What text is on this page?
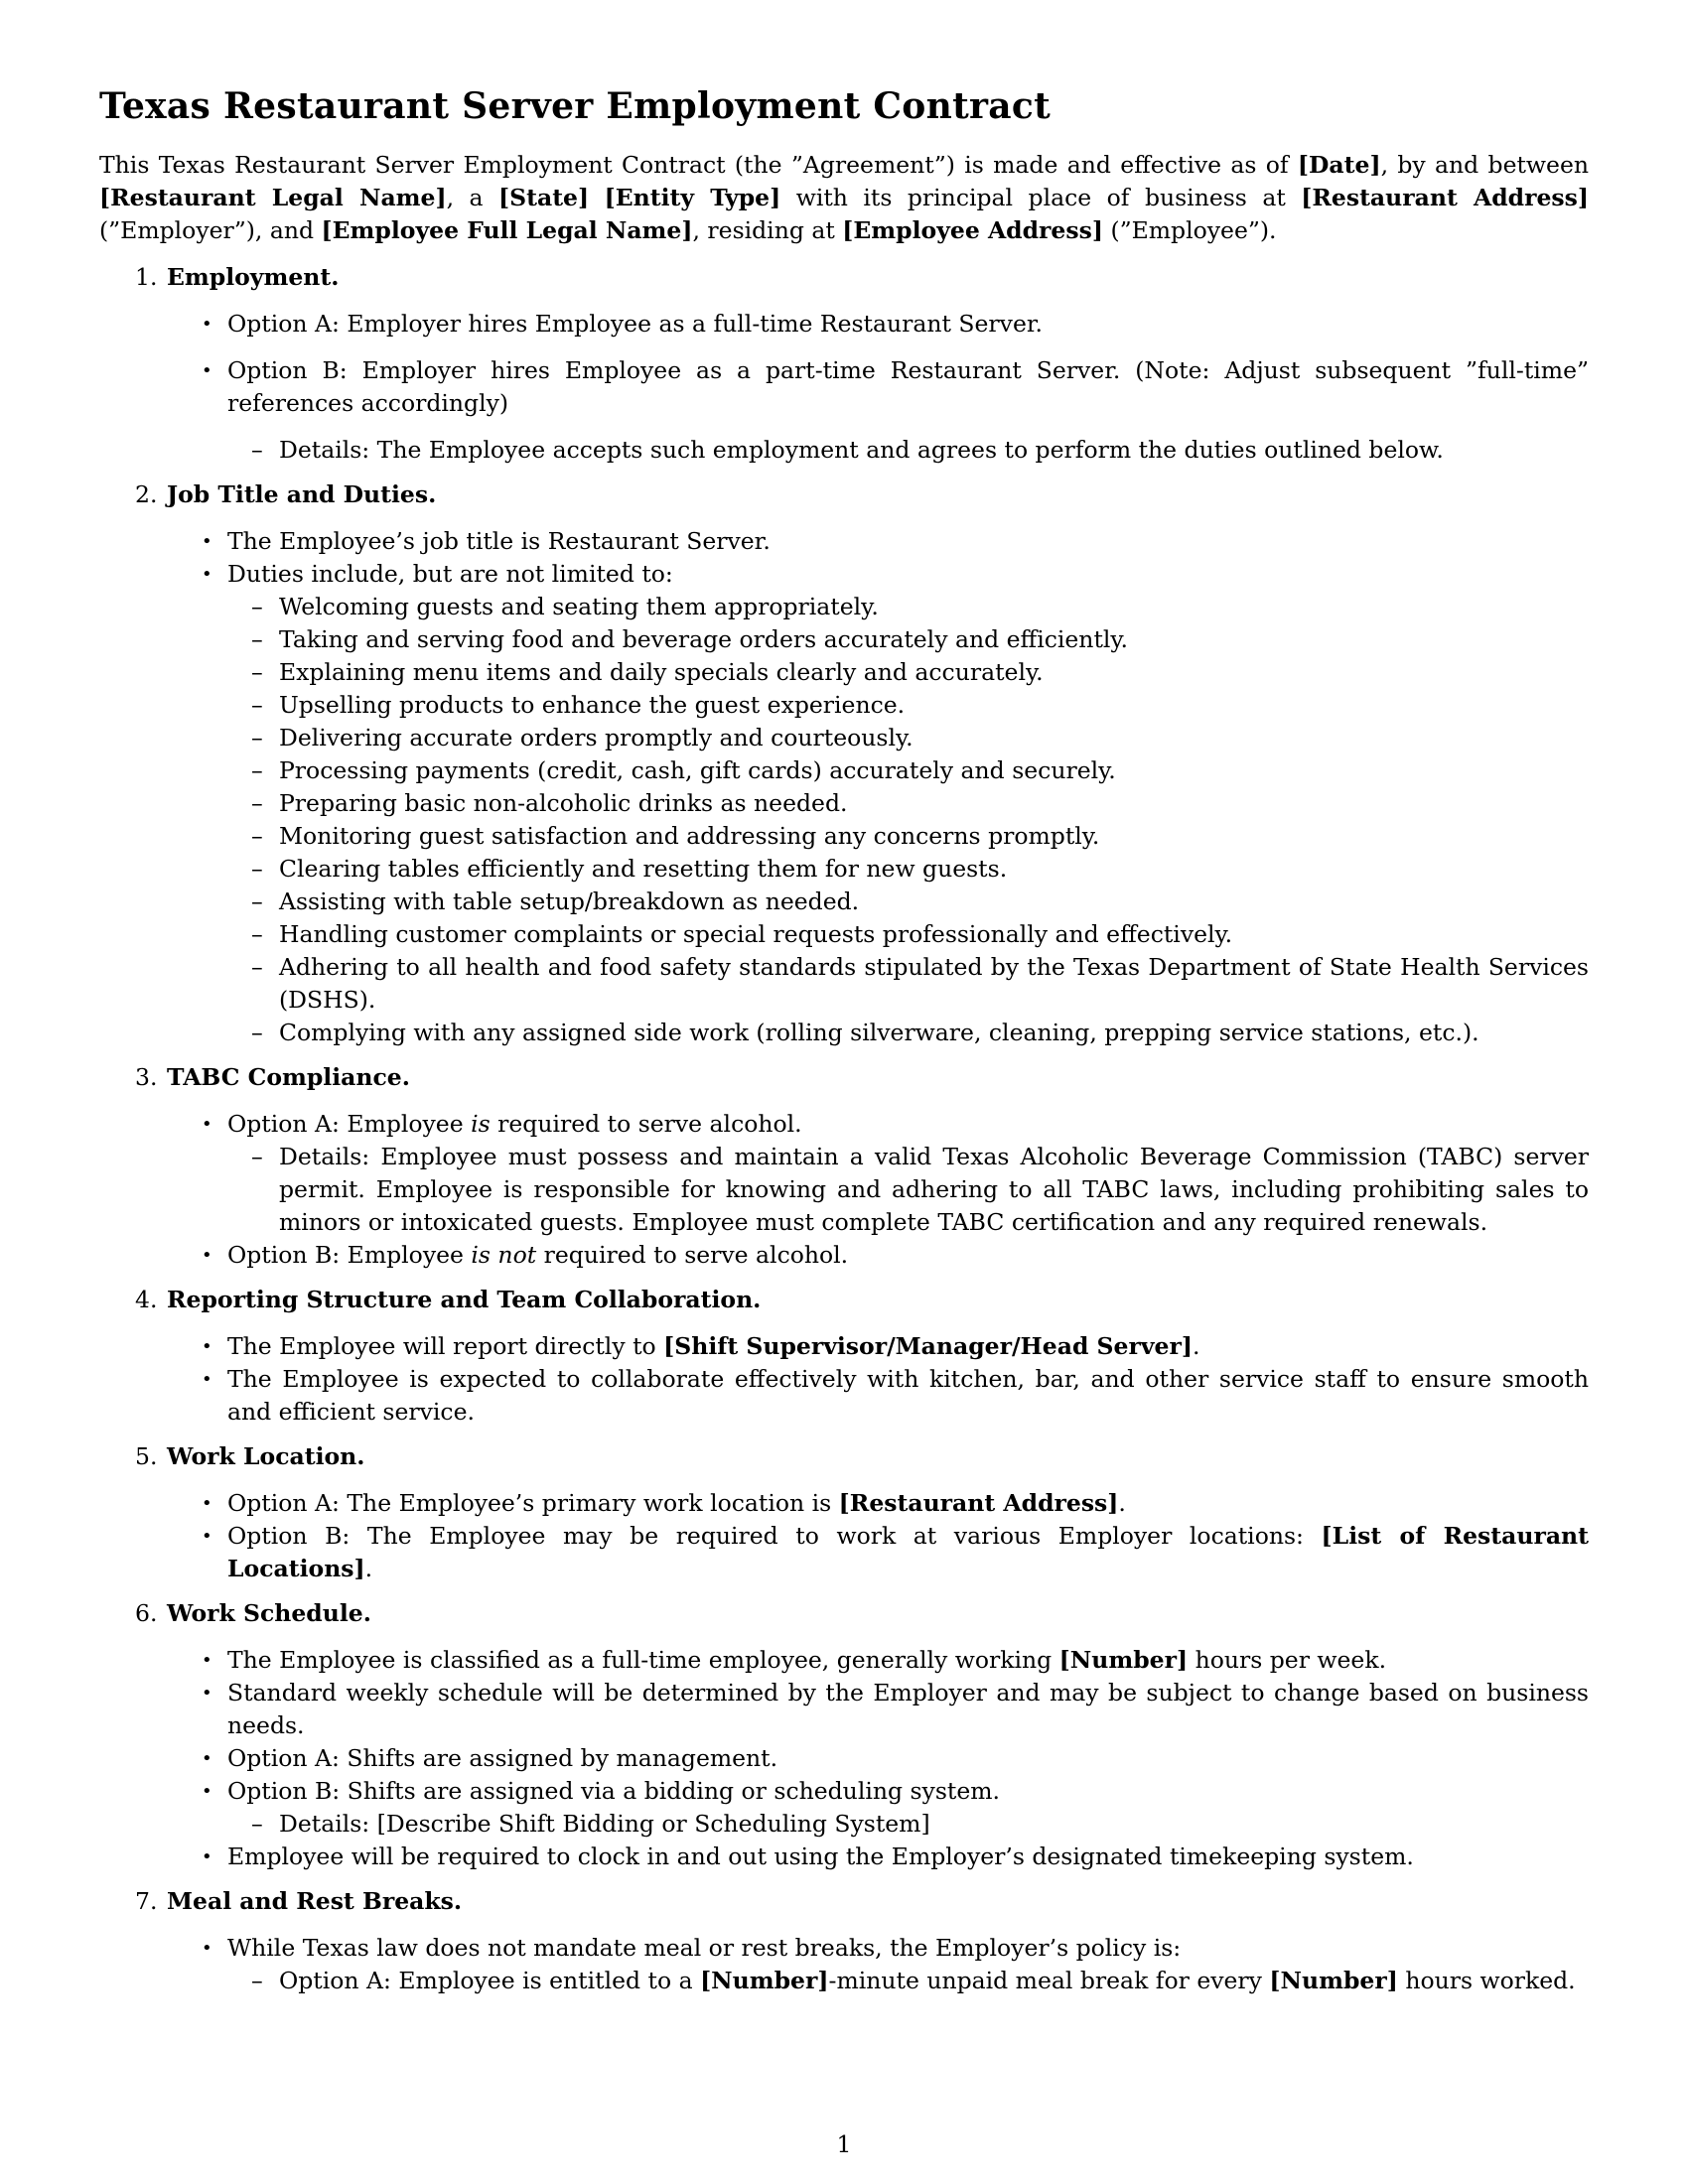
Texas Restaurant Server Employment Contract

This Texas Restaurant Server Employment Contract (the ”Agreement”) is made and effective as of [Date], by and between [Restaurant Legal Name], a [State] [Entity Type] with its principal place of business at [Restaurant Address] (”Employer”), and [Employee Full Legal Name], residing at [Employee Address] (”Employee”).

1. Employment.
• Option A: Employer hires Employee as a full-time Restaurant Server.
• Option B: Employer hires Employee as a part-time Restaurant Server. (Note: Adjust subsequent ”full-time” references accordingly)
– Details: The Employee accepts such employment and agrees to perform the duties outlined below.
2. Job Title and Duties.
• The Employee’s job title is Restaurant Server.
• Duties include, but are not limited to:
– Welcoming guests and seating them appropriately.
– Taking and serving food and beverage orders accurately and efficiently.
– Explaining menu items and daily specials clearly and accurately.
– Upselling products to enhance the guest experience.
– Delivering accurate orders promptly and courteously.
– Processing payments (credit, cash, gift cards) accurately and securely.
– Preparing basic non-alcoholic drinks as needed.
– Monitoring guest satisfaction and addressing any concerns promptly.
– Clearing tables efficiently and resetting them for new guests.
– Assisting with table setup/breakdown as needed.
– Handling customer complaints or special requests professionally and effectively.
– Adhering to all health and food safety standards stipulated by the Texas Department of State Health Services (DSHS).
– Complying with any assigned side work (rolling silverware, cleaning, prepping service stations, etc.).
3. TABC Compliance.
• Option A: Employee is required to serve alcohol.
– Details: Employee must possess and maintain a valid Texas Alcoholic Beverage Commission (TABC) server permit. Employee is responsible for knowing and adhering to all TABC laws, including prohibiting sales to minors or intoxicated guests. Employee must complete TABC certification and any required renewals.
• Option B: Employee is not required to serve alcohol.
4. Reporting Structure and Team Collaboration.
• The Employee will report directly to [Shift Supervisor/Manager/Head Server].
• The Employee is expected to collaborate effectively with kitchen, bar, and other service staff to ensure smooth and efficient service.
5. Work Location.
• Option A: The Employee’s primary work location is [Restaurant Address].
• Option B: The Employee may be required to work at various Employer locations: [List of Restaurant Locations].
6. Work Schedule.
• The Employee is classified as a full-time employee, generally working [Number] hours per week.
• Standard weekly schedule will be determined by the Employer and may be subject to change based on business needs.
• Option A: Shifts are assigned by management.
• Option B: Shifts are assigned via a bidding or scheduling system.
– Details: [Describe Shift Bidding or Scheduling System]
• Employee will be required to clock in and out using the Employer’s designated timekeeping system.
7. Meal and Rest Breaks.
• While Texas law does not mandate meal or rest breaks, the Employer’s policy is:
– Option A: Employee is entitled to a [Number]-minute unpaid meal break for every [Number] hours worked.
1
